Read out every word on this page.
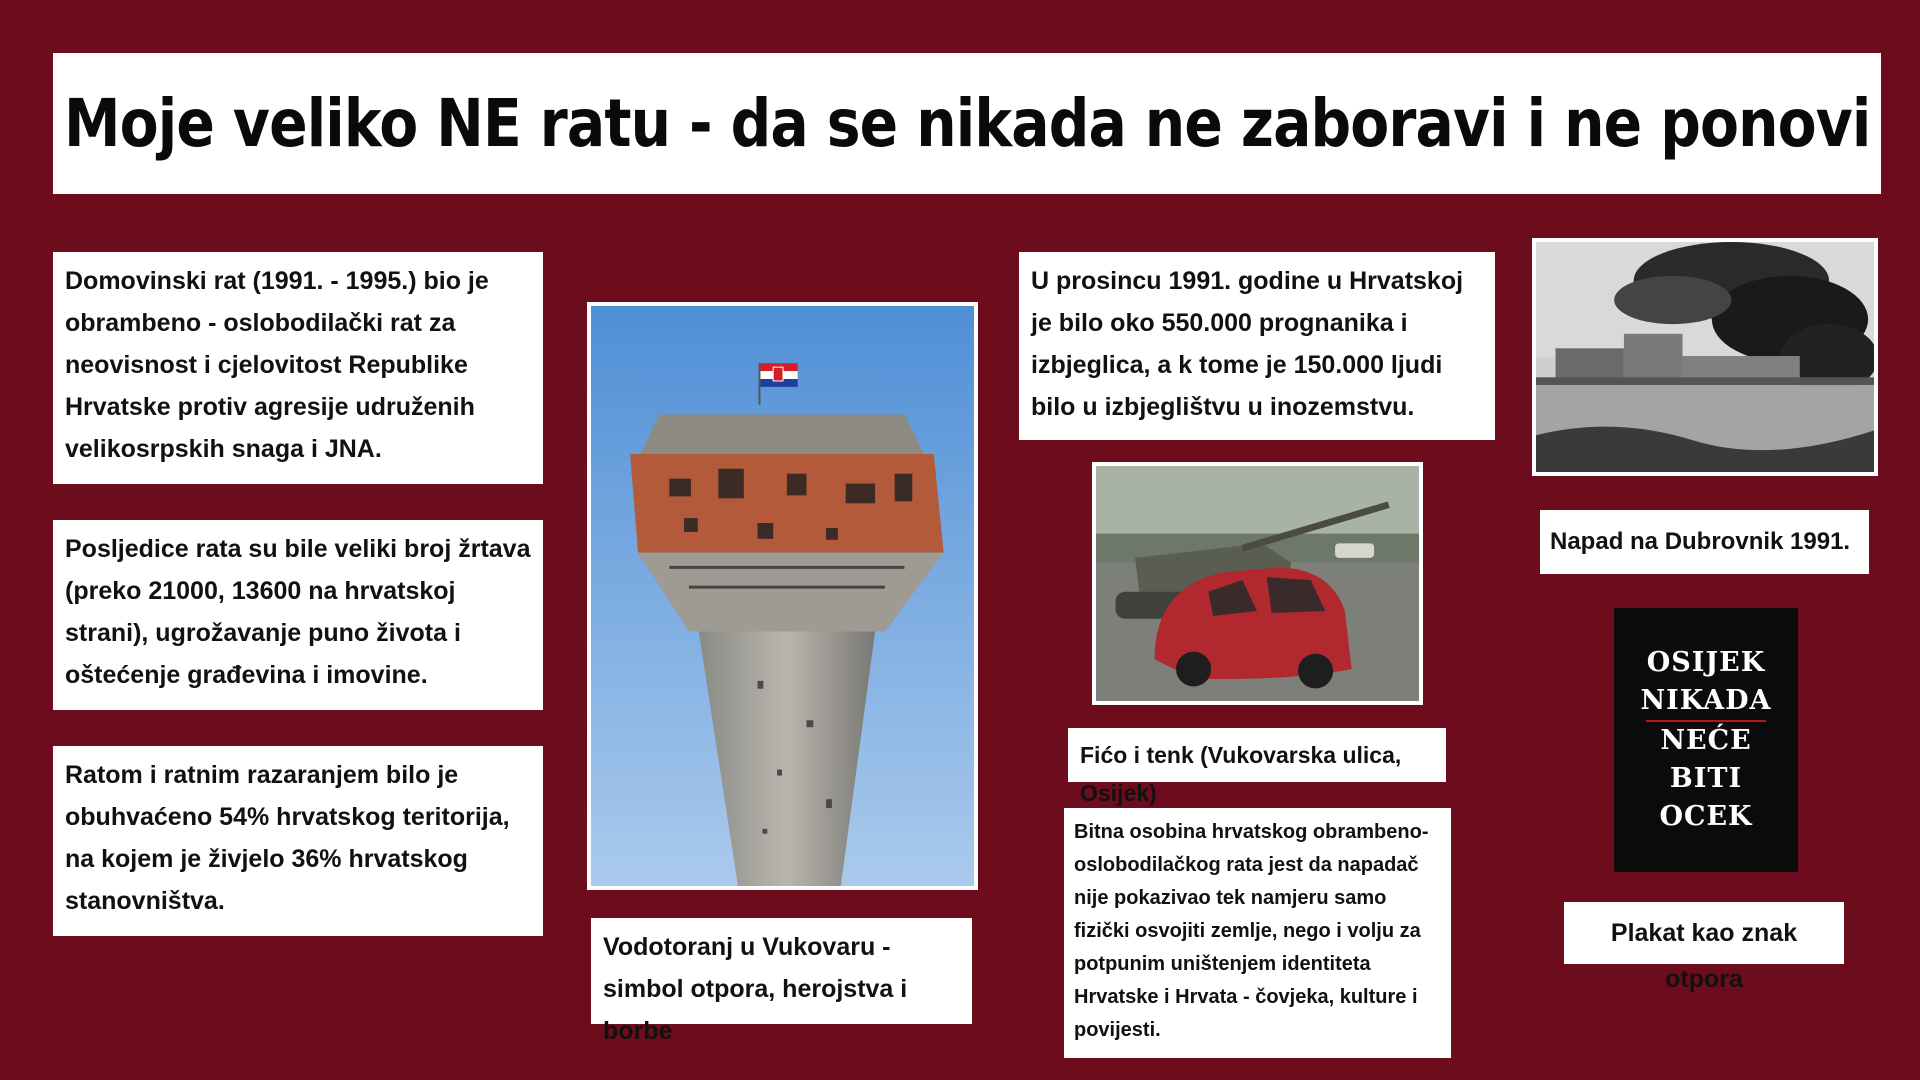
Moje veliko NE ratu - da se nikada ne zaboravi i ne ponovi
Domovinski rat (1991. - 1995.) bio je obrambeno - oslobodilački rat za neovisnost i cjelovitost Republike Hrvatske protiv agresije udruženih velikosrpskih snaga i JNA.
Posljedice rata su bile veliki broj žrtava (preko 21000, 13600 na hrvatskoj strani), ugrožavanje puno života i oštećenje građevina i imovine.
Ratom i ratnim razaranjem bilo je obuhvaćeno 54% hrvatskog teritorija, na kojem je živjelo 36% hrvatskog stanovništva.
Vodotoranj u Vukovaru - simbol otpora, herojstva i borbe
U prosincu 1991. godine u Hrvatskoj je bilo oko 550.000 prognanika i izbjeglica, a k tome je 150.000 ljudi bilo u izbjeglištvu u inozemstvu.
Fićo i tenk (Vukovarska ulica, Osijek)
Bitna osobina hrvatskog obrambeno-oslobodilačkog rata jest da napadač nije pokazivao tek namjeru samo fizički osvojiti zemlje, nego i volju za potpunim uništenjem identiteta Hrvatske i Hrvata - čovjeka, kulture i povijesti.
Napad na Dubrovnik 1991.
OSIJEK
NIKADA
NEĆE
BITI
OCEK
Plakat kao znak otpora
